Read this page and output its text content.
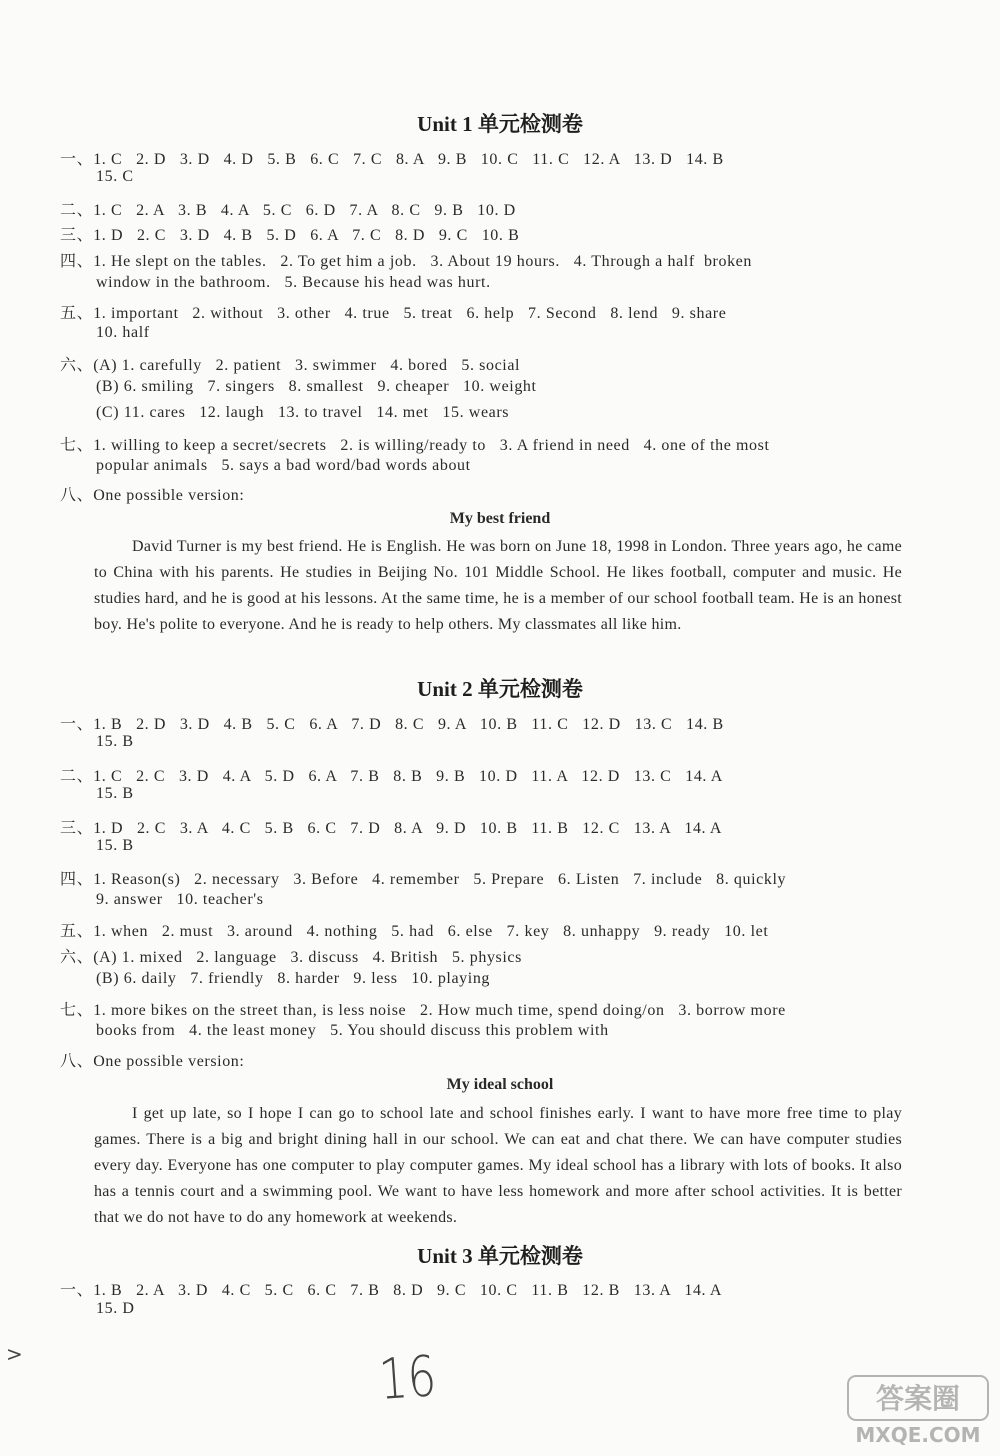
Unit 1 单元检测卷
一、1. C   2. D   3. D   4. D   5. B   6. C   7. C   8. A   9. B   10. C   11. C   12. A   13. D   14. B
15. C
二、1. C   2. A   3. B   4. A   5. C   6. D   7. A   8. C   9. B   10. D
三、1. D   2. C   3. D   4. B   5. D   6. A   7. C   8. D   9. C   10. B
四、1. He slept on the tables.   2. To get him a job.   3. About 19 hours.   4. Through a half  broken
window in the bathroom.   5. Because his head was hurt.
五、1. important   2. without   3. other   4. true   5. treat   6. help   7. Second   8. lend   9. share
10. half
六、(A) 1. carefully   2. patient   3. swimmer   4. bored   5. social
(B) 6. smiling   7. singers   8. smallest   9. cheaper   10. weight
(C) 11. cares   12. laugh   13. to travel   14. met   15. wears
七、1. willing to keep a secret/secrets   2. is willing/ready to   3. A friend in need   4. one of the most
popular animals   5. says a bad word/bad words about
八、One possible version:
My best friend
David Turner is my best friend. He is English. He was born on June 18, 1998 in London. Three years ago, he came to China with his parents. He studies in Beijing No. 101 Middle School. He likes football, computer and music. He studies hard, and he is good at his lessons. At the same time, he is a member of our school football team. He is an honest boy. He's polite to everyone. And he is ready to help others. My classmates all like him.
Unit 2 单元检测卷
一、1. B   2. D   3. D   4. B   5. C   6. A   7. D   8. C   9. A   10. B   11. C   12. D   13. C   14. B
15. B
二、1. C   2. C   3. D   4. A   5. D   6. A   7. B   8. B   9. B   10. D   11. A   12. D   13. C   14. A
15. B
三、1. D   2. C   3. A   4. C   5. B   6. C   7. D   8. A   9. D   10. B   11. B   12. C   13. A   14. A
15. B
四、1. Reason(s)   2. necessary   3. Before   4. remember   5. Prepare   6. Listen   7. include   8. quickly
9. answer   10. teacher's
五、1. when   2. must   3. around   4. nothing   5. had   6. else   7. key   8. unhappy   9. ready   10. let
六、(A) 1. mixed   2. language   3. discuss   4. British   5. physics
(B) 6. daily   7. friendly   8. harder   9. less   10. playing
七、1. more bikes on the street than, is less noise   2. How much time, spend doing/on   3. borrow more
books from   4. the least money   5. You should discuss this problem with
八、One possible version:
My ideal school
I get up late, so I hope I can go to school late and school finishes early. I want to have more free time to play games. There is a big and bright dining hall in our school. We can eat and chat there. We can have computer studies every day. Everyone has one computer to play computer games. My ideal school has a library with lots of books. It also has a tennis court and a swimming pool. We want to have less homework and more after school activities. It is better that we do not have to do any homework at weekends.
Unit 3 单元检测卷
一、1. B   2. A   3. D   4. C   5. C   6. C   7. B   8. D   9. C   10. C   11. B   12. B   13. A   14. A
15. D
>	16	答案圈
MXQE.COM
